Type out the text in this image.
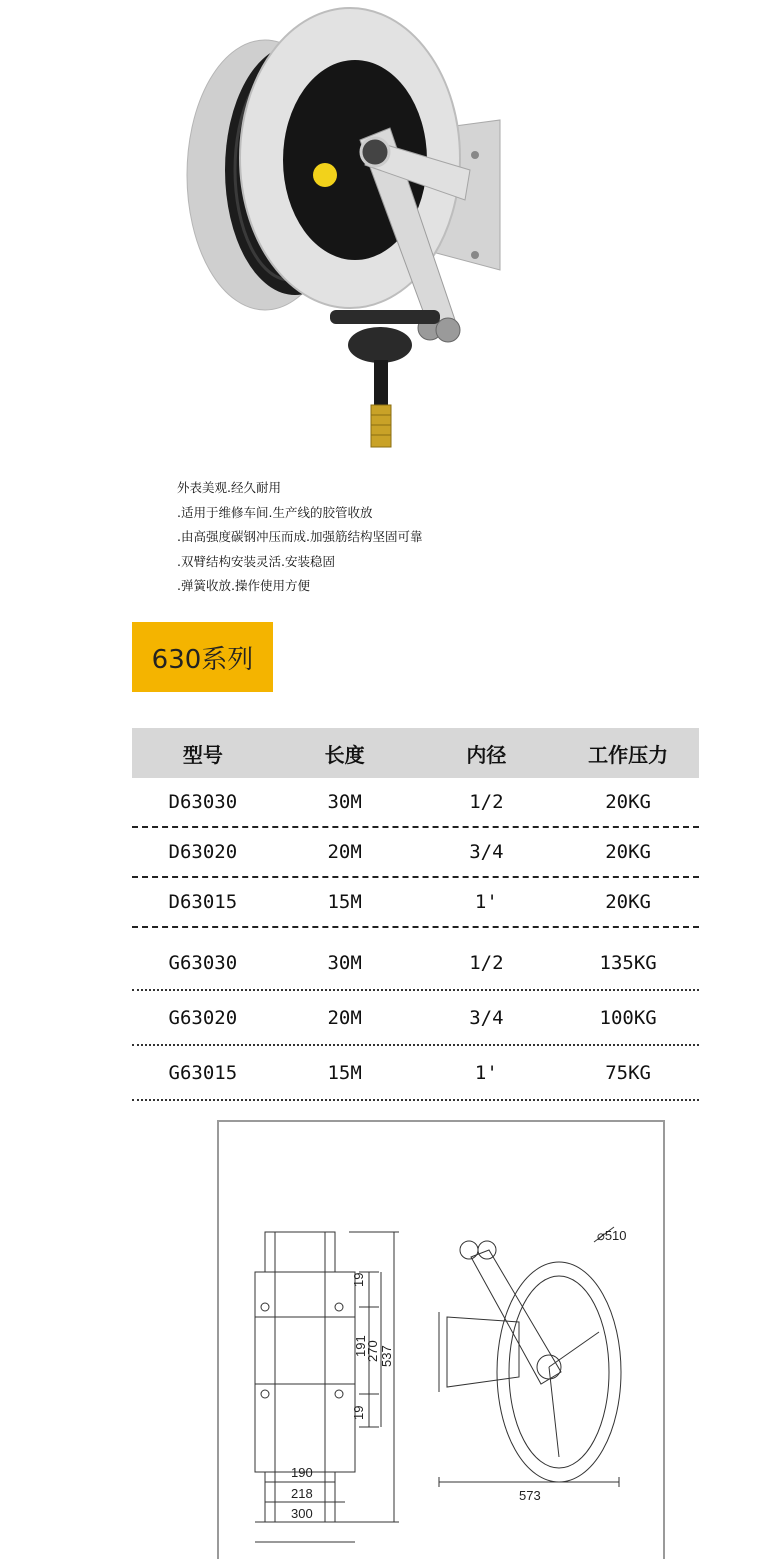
外表美观.经久耐用
.适用于维修车间.生产线的胶管收放
.由高强度碳钢冲压而成.加强筋结构坚固可靠
.双臂结构安装灵活.安装稳固
.弹簧收放.操作使用方便
630系列
型号	长度	内径	工作压力
D63030	30M	1/2	20KG
D63020	20M	3/4	20KG
D63015	15M	1'	20KG
G63030	30M	1/2	135KG
G63020	20M	3/4	100KG
G63015	15M	1'	75KG
19
191
270 537
19
190
218
300
⌀510
573
